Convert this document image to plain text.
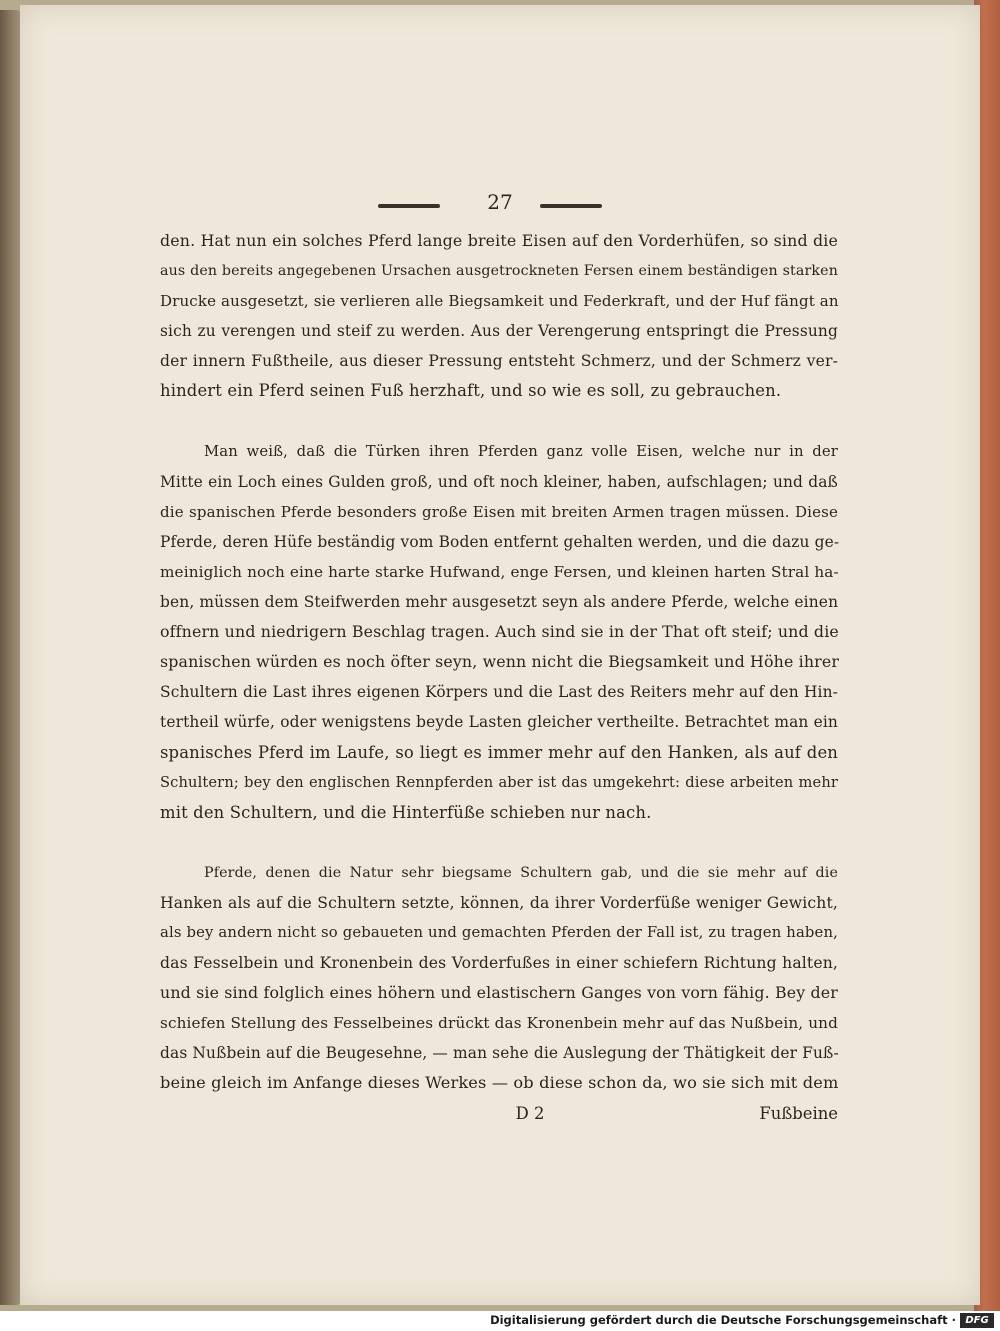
27

den. Hat nun ein solches Pferd lange breite Eisen auf den Vorderhüfen, so sind die
aus den bereits angegebenen Ursachen ausgetrockneten Fersen einem beständigen starken
Drucke ausgesetzt, sie verlieren alle Biegsamkeit und Federkraft, und der Huf fängt an
sich zu verengen und steif zu werden. Aus der Verengerung entspringt die Pressung
der innern Fußtheile, aus dieser Pressung entsteht Schmerz, und der Schmerz ver-
hindert ein Pferd seinen Fuß herzhaft, und so wie es soll, zu gebrauchen.

Man weiß, daß die Türken ihren Pferden ganz volle Eisen, welche nur in der
Mitte ein Loch eines Gulden groß, und oft noch kleiner, haben, aufschlagen; und daß
die spanischen Pferde besonders große Eisen mit breiten Armen tragen müssen. Diese
Pferde, deren Hüfe beständig vom Boden entfernt gehalten werden, und die dazu ge-
meiniglich noch eine harte starke Hufwand, enge Fersen, und kleinen harten Stral ha-
ben, müssen dem Steifwerden mehr ausgesetzt seyn als andere Pferde, welche einen
offnern und niedrigern Beschlag tragen. Auch sind sie in der That oft steif; und die
spanischen würden es noch öfter seyn, wenn nicht die Biegsamkeit und Höhe ihrer
Schultern die Last ihres eigenen Körpers und die Last des Reiters mehr auf den Hin-
tertheil würfe, oder wenigstens beyde Lasten gleicher vertheilte. Betrachtet man ein
spanisches Pferd im Laufe, so liegt es immer mehr auf den Hanken, als auf den
Schultern; bey den englischen Rennpferden aber ist das umgekehrt: diese arbeiten mehr
mit den Schultern, und die Hinterfüße schieben nur nach.

Pferde, denen die Natur sehr biegsame Schultern gab, und die sie mehr auf die
Hanken als auf die Schultern setzte, können, da ihrer Vorderfüße weniger Gewicht,
als bey andern nicht so gebaueten und gemachten Pferden der Fall ist, zu tragen haben,
das Fesselbein und Kronenbein des Vorderfußes in einer schiefern Richtung halten,
und sie sind folglich eines höhern und elastischern Ganges von vorn fähig. Bey der
schiefen Stellung des Fesselbeines drückt das Kronenbein mehr auf das Nußbein, und
das Nußbein auf die Beugesehne, — man sehe die Auslegung der Thätigkeit der Fuß-
beine gleich im Anfange dieses Werkes — ob diese schon da, wo sie sich mit dem

D 2	Fußbeine
Digitalisierung gefördert durch die Deutsche Forschungsgemeinschaft · DFG
